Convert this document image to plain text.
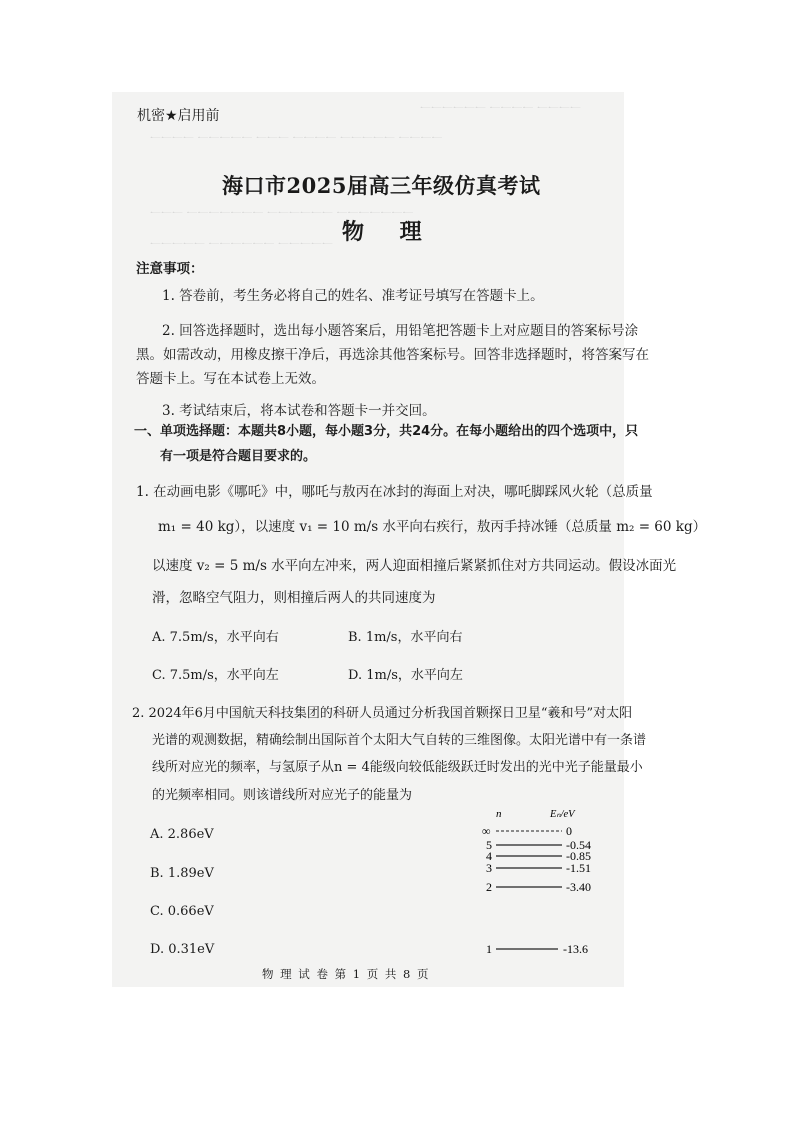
一一一一 一一一一 一一一一一一
一一一一 一一一一一 一一一一 一一一 一一一一一 一一一一
一一一一一一一 一一一一一一 一一一一一一一 一一一
一一一一一 一一一一一一 一一一一一
机密★启用前
海口市2025届高三年级仿真考试
物 理
注意事项：
1. 答卷前，考生务必将自己的姓名、准考证号填写在答题卡上。
2. 回答选择题时，选出每小题答案后，用铅笔把答题卡上对应题目的答案标号涂
黑。如需改动，用橡皮擦干净后，再选涂其他答案标号。回答非选择题时，将答案写在
答题卡上。写在本试卷上无效。
3. 考试结束后，将本试卷和答题卡一并交回。
一、单项选择题：本题共8小题，每小题3分，共24分。在每小题给出的四个选项中，只
有一项是符合题目要求的。
1. 在动画电影《哪吒》中，哪吒与敖丙在冰封的海面上对决，哪吒脚踩风火轮（总质量
m₁ = 40 kg），以速度 v₁ = 10 m/s 水平向右疾行，敖丙手持冰锤（总质量 m₂ = 60 kg）
以速度 v₂ = 5 m/s 水平向左冲来，两人迎面相撞后紧紧抓住对方共同运动。假设冰面光
滑，忽略空气阻力，则相撞后两人的共同速度为
A. 7.5m/s，水平向右	B. 1m/s，水平向右
C. 7.5m/s，水平向左	D. 1m/s，水平向左
2. 2024年6月中国航天科技集团的科研人员通过分析我国首颗探日卫星“羲和号”对太阳
光谱的观测数据，精确绘制出国际首个太阳大气自转的三维图像。太阳光谱中有一条谱
线所对应光的频率，与氢原子从n = 4能级向较低能级跃迁时发出的光中光子能量最小
的光频率相同。则该谱线所对应光子的能量为
A. 2.86eV
B. 1.89eV
C. 0.66eV
D. 0.31eV
n	Eₙ/eV
∞	0
5	-0.54
4	-0.85
3	-1.51
2	-3.40
1	-13.6
物 理 试 卷 第 1 页 共 8 页
